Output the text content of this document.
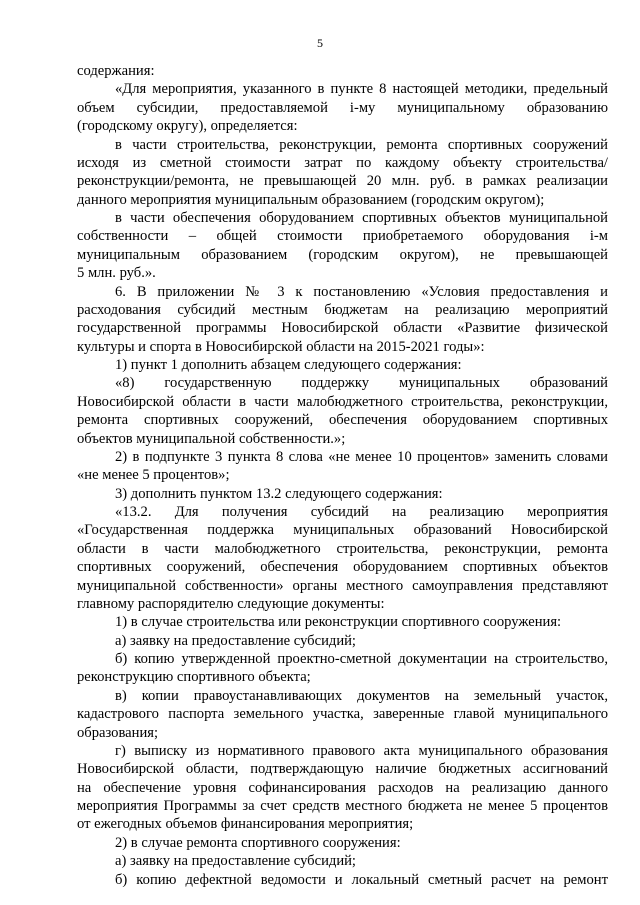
5
содержания:
«Для мероприятия, указанного в пункте 8 настоящей методики, предельный
объем субсидии, предоставляемой i-му муниципальному образованию
(городскому округу), определяется:
в части строительства, реконструкции, ремонта спортивных сооружений
исходя из сметной стоимости затрат по каждому объекту строительства/
реконструкции/ремонта, не превышающей 20 млн. руб. в рамках реализации
данного мероприятия муниципальным образованием (городским округом);
в части обеспечения оборудованием спортивных объектов муниципальной
собственности – общей стоимости приобретаемого оборудования i-м
муниципальным образованием (городским округом), не превышающей
5 млн. руб.».
6. В приложении № 3 к постановлению «Условия предоставления и
расходования субсидий местным бюджетам на реализацию мероприятий
государственной программы Новосибирской области «Развитие физической
культуры и спорта в Новосибирской области на 2015-2021 годы»:
1) пункт 1 дополнить абзацем следующего содержания:
«8) государственную поддержку муниципальных образований
Новосибирской области в части малобюджетного строительства, реконструкции,
ремонта спортивных сооружений, обеспечения оборудованием спортивных
объектов муниципальной собственности.»;
2) в подпункте 3 пункта 8 слова «не менее 10 процентов» заменить словами
«не менее 5 процентов»;
3) дополнить пунктом 13.2 следующего содержания:
«13.2. Для получения субсидий на реализацию мероприятия
«Государственная поддержка муниципальных образований Новосибирской
области в части малобюджетного строительства, реконструкции, ремонта
спортивных сооружений, обеспечения оборудованием спортивных объектов
муниципальной собственности» органы местного самоуправления представляют
главному распорядителю следующие документы:
1) в случае строительства или реконструкции спортивного сооружения:
а) заявку на предоставление субсидий;
б) копию утвержденной проектно-сметной документации на строительство,
реконструкцию спортивного объекта;
в) копии правоустанавливающих документов на земельный участок,
кадастрового паспорта земельного участка, заверенные главой муниципального
образования;
г) выписку из нормативного правового акта муниципального образования
Новосибирской области, подтверждающую наличие бюджетных ассигнований
на обеспечение уровня софинансирования расходов на реализацию данного
мероприятия Программы за счет средств местного бюджета не менее 5 процентов
от ежегодных объемов финансирования мероприятия;
2) в случае ремонта спортивного сооружения:
а) заявку на предоставление субсидий;
б) копию дефектной ведомости и локальный сметный расчет на ремонт
